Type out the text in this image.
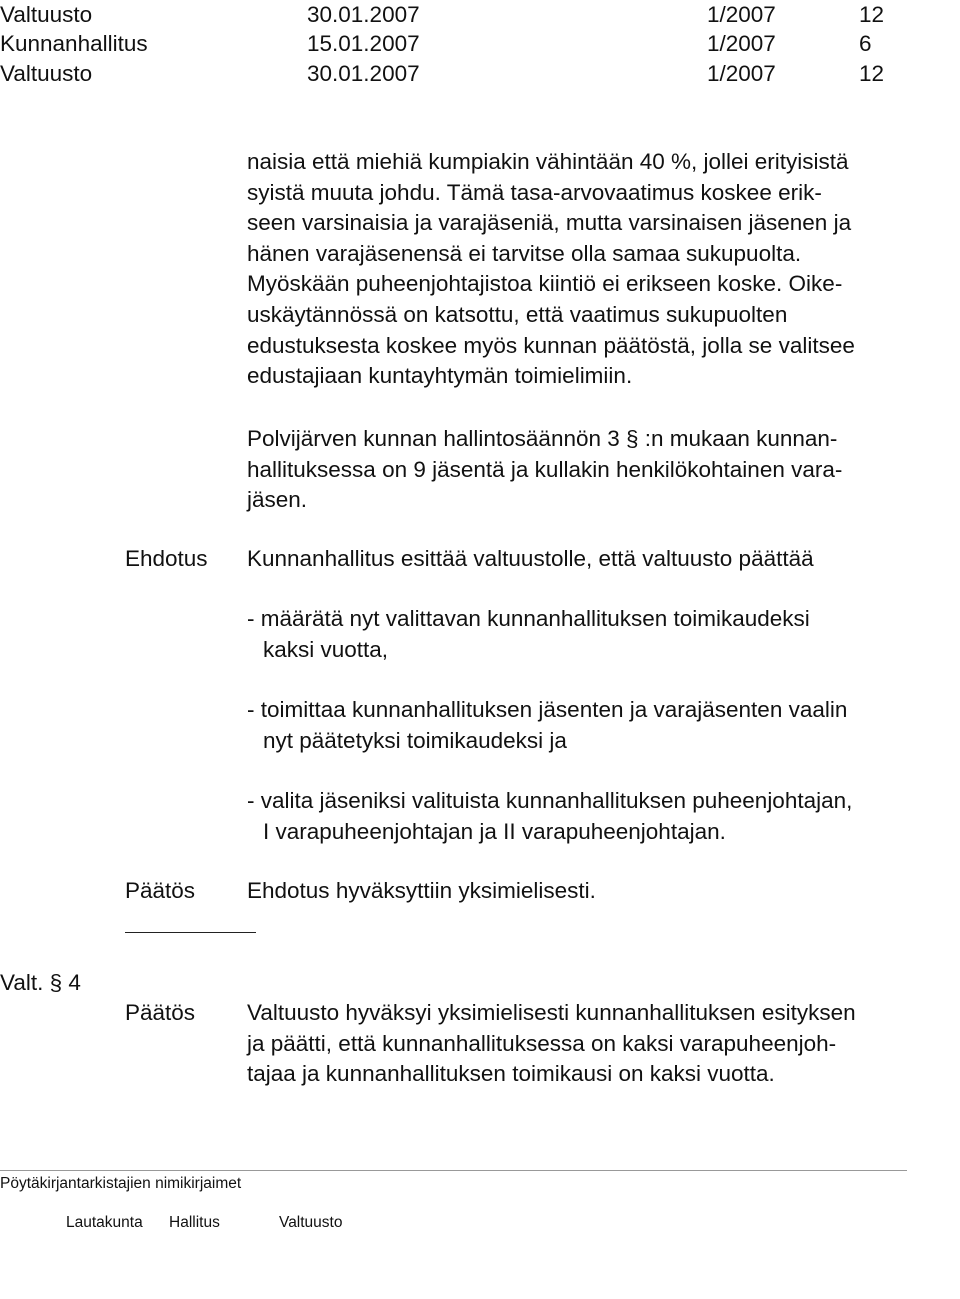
Valtuusto	30.01.2007	1/2007	12
Kunnanhallitus	15.01.2007	1/2007	6
Valtuusto	30.01.2007	1/2007	12
naisia että miehiä kumpiakin vähintään 40 %, jollei erityisistä
syistä muuta johdu. Tämä tasa-arvovaatimus koskee erik-
seen varsinaisia ja varajäseniä, mutta varsinaisen jäsenen ja
hänen varajäsenensä ei tarvitse olla samaa sukupuolta.
Myöskään puheenjohtajistoa kiintiö ei erikseen koske. Oike-
uskäytännössä on katsottu, että vaatimus sukupuolten
edustuksesta koskee myös kunnan päätöstä, jolla se valitsee
edustajiaan kuntayhtymän toimielimiin.
Polvijärven kunnan hallintosäännön 3 § :n mukaan kunnan-
hallituksessa on 9 jäsentä ja kullakin henkilökohtainen vara-
jäsen.
Ehdotus Kunnanhallitus esittää valtuustolle, että valtuusto päättää
- määrätä nyt valittavan kunnanhallituksen toimikaudeksi
kaksi vuotta,
- toimittaa kunnanhallituksen jäsenten ja varajäsenten vaalin
nyt päätetyksi toimikaudeksi ja
- valita jäseniksi valituista kunnanhallituksen puheenjohtajan,
I varapuheenjohtajan ja II varapuheenjohtajan.
Päätös Ehdotus hyväksyttiin yksimielisesti.
Valt. § 4
Päätös Valtuusto hyväksyi yksimielisesti kunnanhallituksen esityksen
ja päätti, että kunnanhallituksessa on kaksi varapuheenjoh-
tajaa ja kunnanhallituksen toimikausi on kaksi vuotta.
Pöytäkirjantarkistajien nimikirjaimet
Lautakunta Hallitus	Valtuusto
